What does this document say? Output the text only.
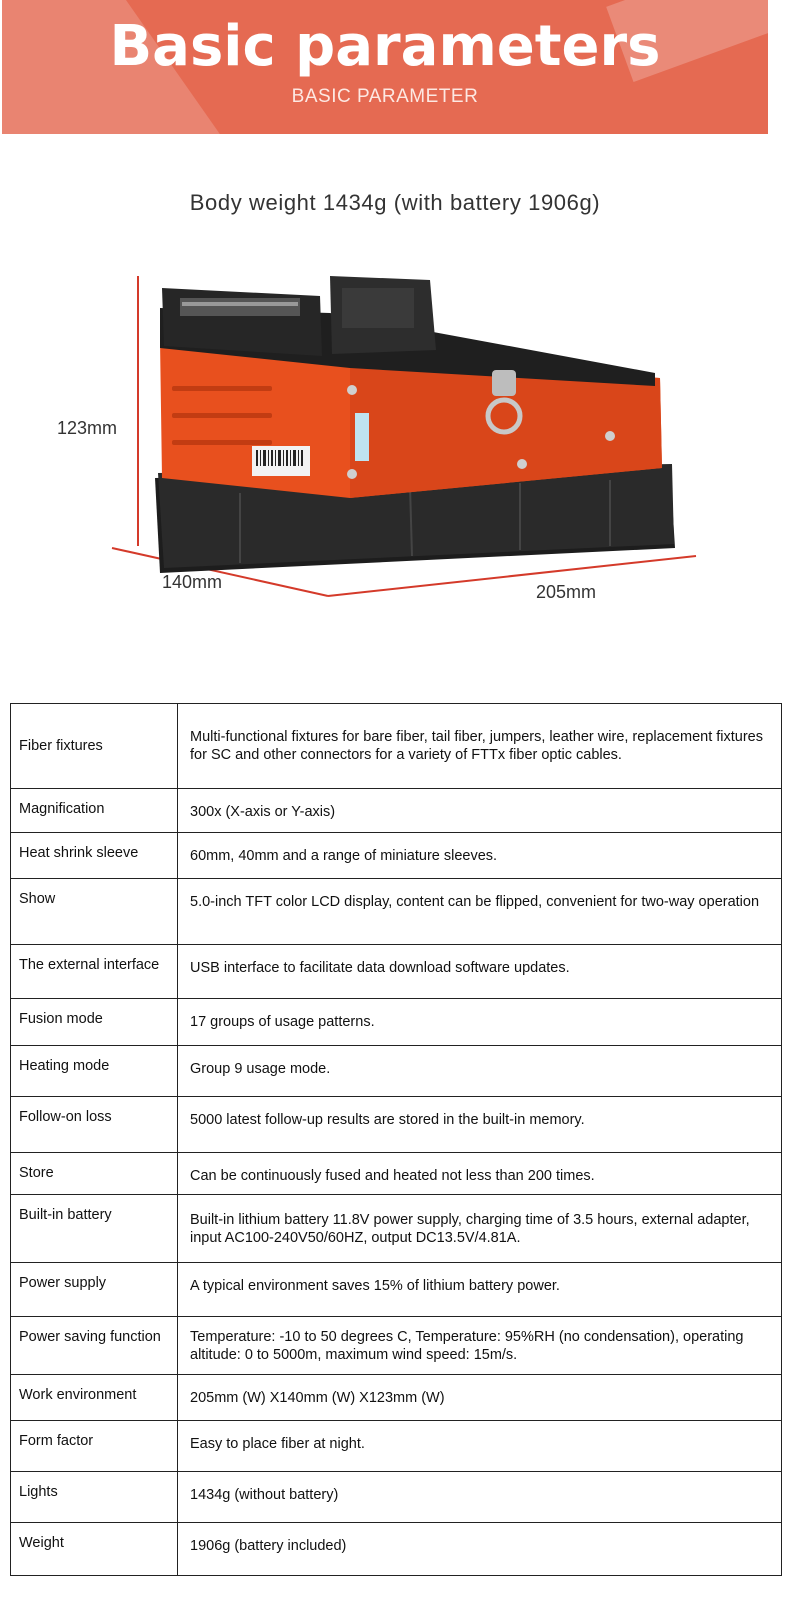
Basic parameters
BASIC PARAMETER
Body weight 1434g (with battery 1906g)
123mm
140mm	205mm
Fiber fixtures	Multi-functional fixtures for bare fiber, tail fiber, jumpers, leather wire, replacement fixtures for SC and other connectors for a variety of FTTx fiber optic cables.
Magnification	300x (X-axis or Y-axis)
Heat shrink sleeve	60mm, 40mm and a range of miniature sleeves.
Show	5.0-inch TFT color LCD display, content can be flipped, convenient for two-way operation
The external interface	USB interface to facilitate data download software updates.
Fusion mode	17 groups of usage patterns.
Heating mode	Group 9 usage mode.
Follow-on loss	5000 latest follow-up results are stored in the built-in memory.
Store	Can be continuously fused and heated not less than 200 times.
Built-in battery	Built-in lithium battery 11.8V power supply, charging time of 3.5 hours, external adapter, input AC100-240V50/60HZ, output DC13.5V/4.81A.
Power supply	A typical environment saves 15% of lithium battery power.
Power saving function	Temperature: -10 to 50 degrees C, Temperature: 95%RH (no condensation), operating altitude: 0 to 5000m, maximum wind speed: 15m/s.
Work environment	205mm (W) X140mm (W) X123mm (W)
Form factor	Easy to place fiber at night.
Lights	1434g (without battery)
Weight	1906g (battery included)
